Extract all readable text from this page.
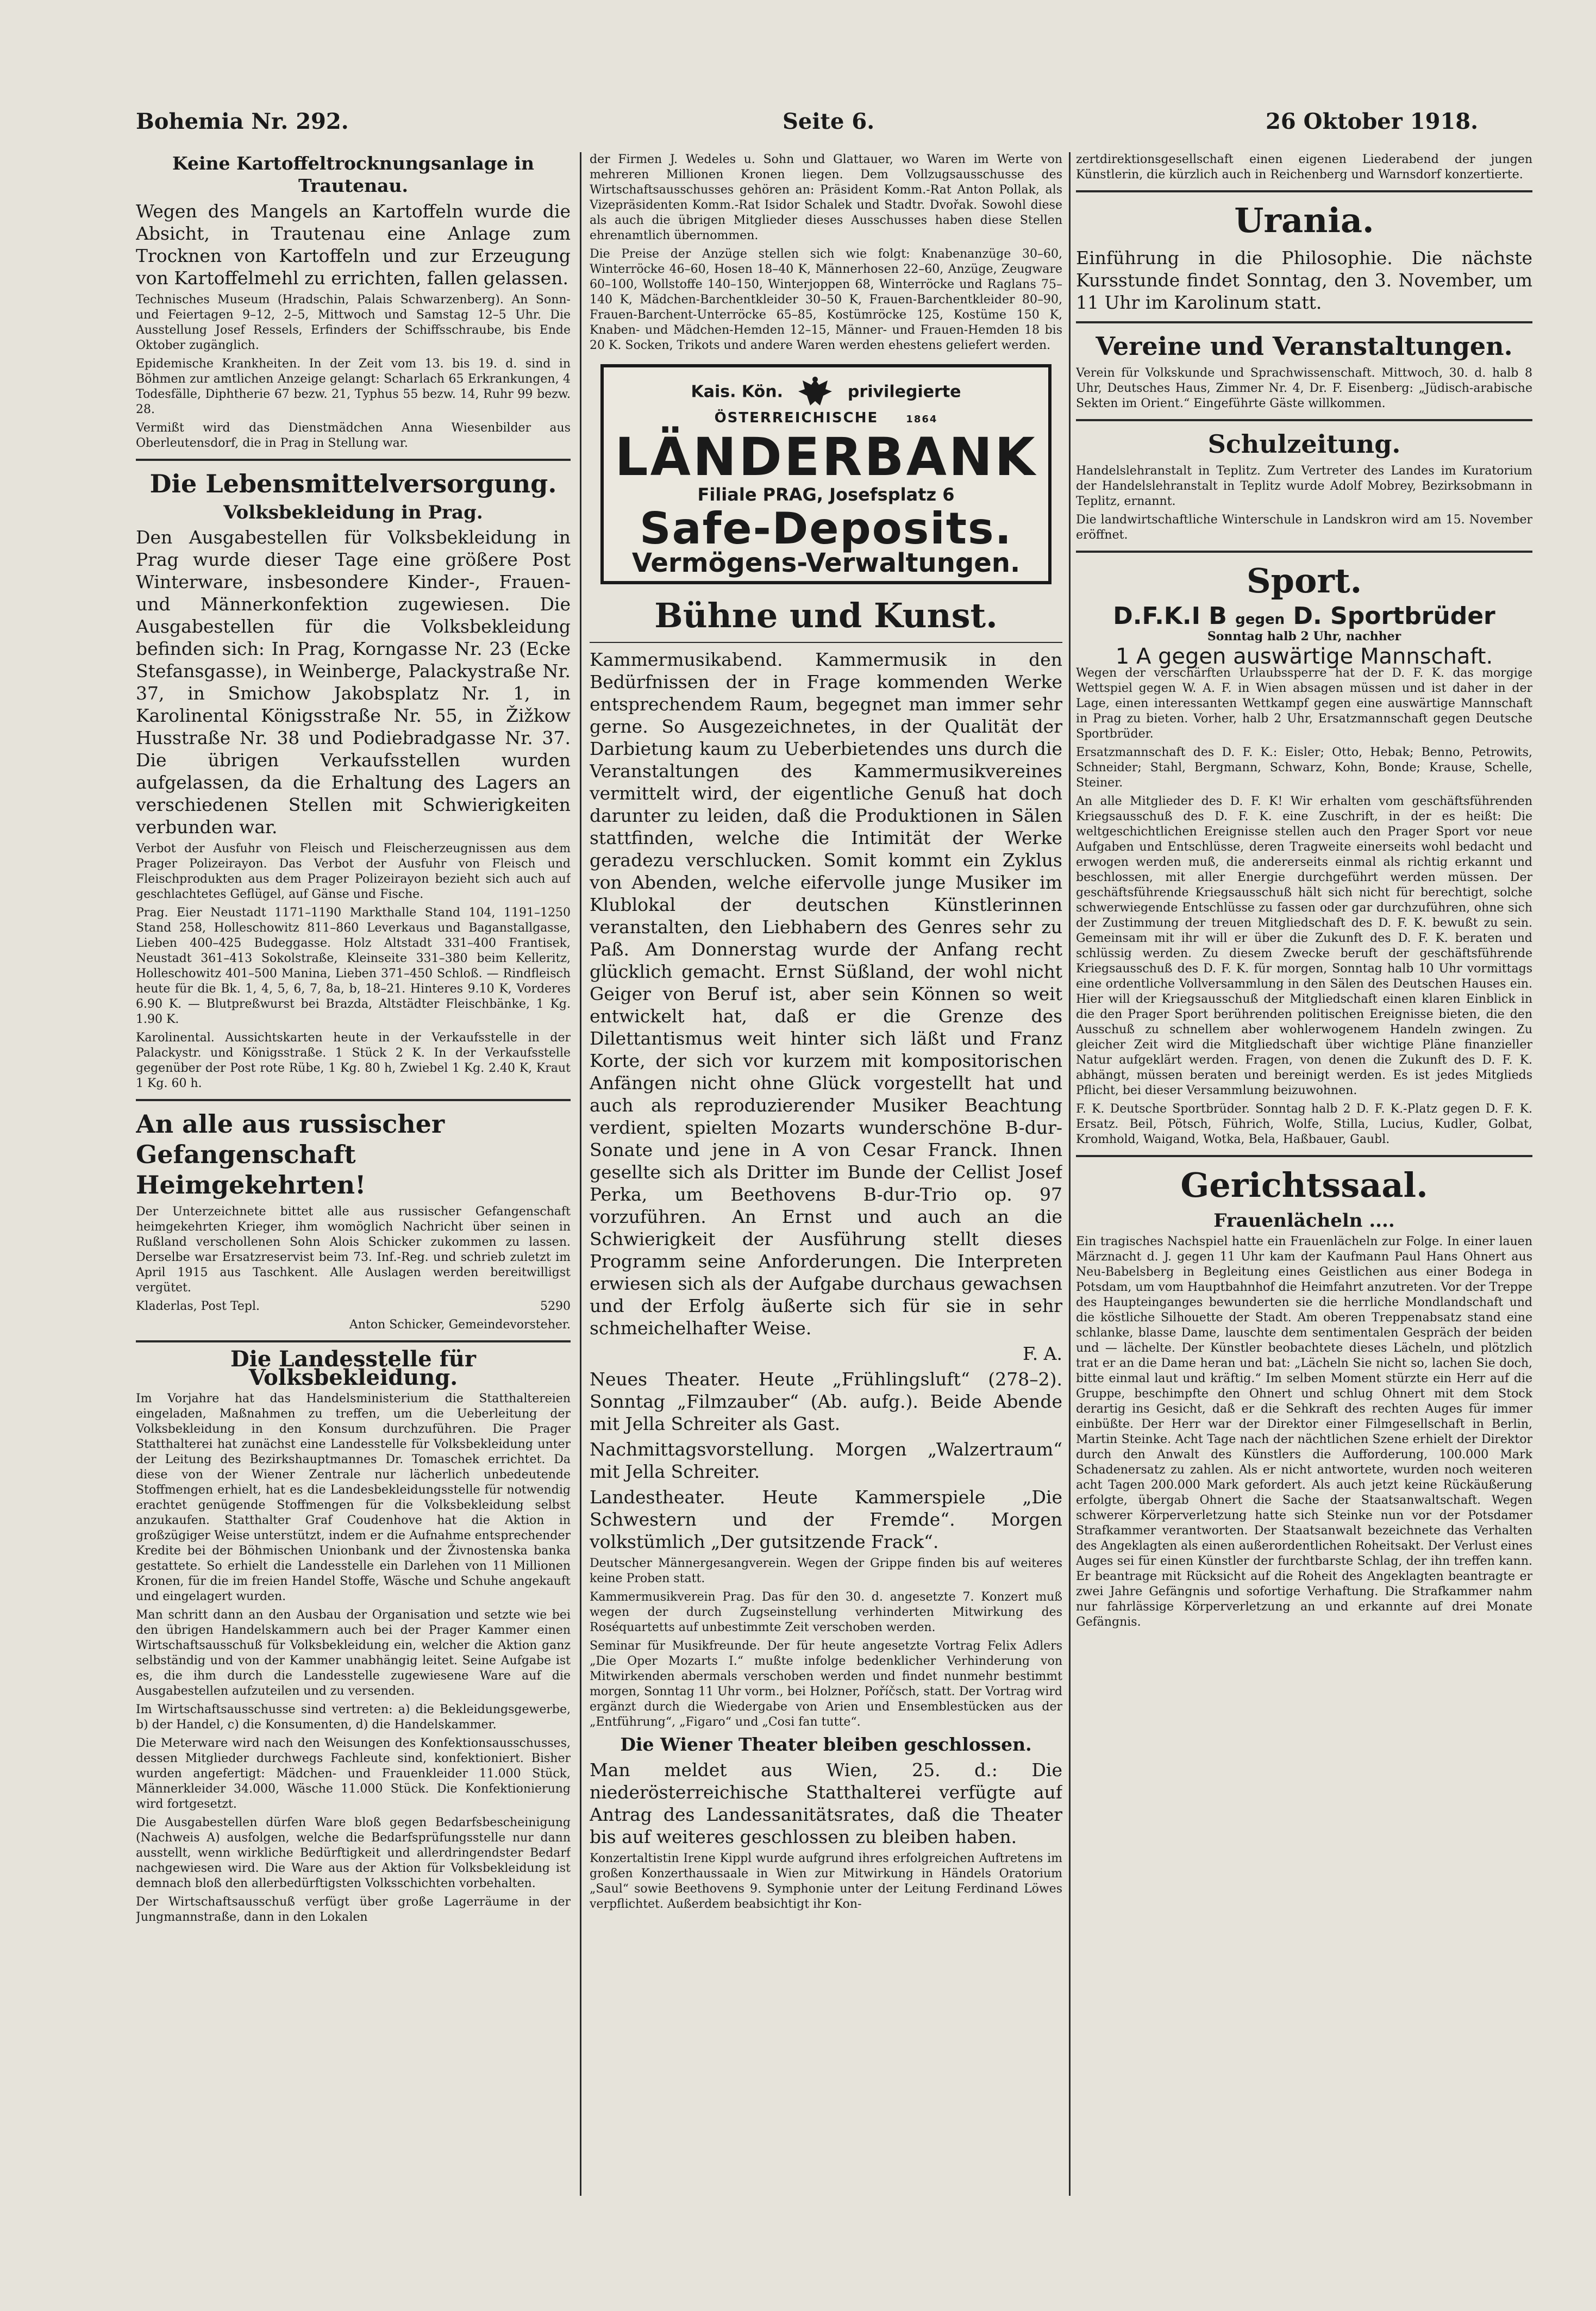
Bohemia Nr. 292.	Seite 6.	26 Oktober 1918.

Keine Kartoffeltrocknungsanlage in Trautenau.

Wegen des Mangels an Kartoffeln wurde die Absicht, in Trautenau eine Anlage zum Trocknen von Kartoffeln und zur Erzeugung von Kartoffelmehl zu errichten, fallen gelassen.

Technisches Museum (Hradschin, Palais Schwarzenberg). An Sonn- und Feiertagen 9–12, 2–5, Mittwoch und Samstag 12–5 Uhr. Die Ausstellung Josef Ressels, Erfinders der Schiffsschraube, bis Ende Oktober zugänglich.

Epidemische Krankheiten. In der Zeit vom 13. bis 19. d. sind in Böhmen zur amtlichen Anzeige gelangt: Scharlach 65 Erkrankungen, 4 Todesfälle, Diphtherie 67 bezw. 21, Typhus 55 bezw. 14, Ruhr 99 bezw. 28.

Vermißt wird das Dienstmädchen Anna Wiesenbilder aus Oberleutensdorf, die in Prag in Stellung war.

Die Lebensmittelversorgung.
Volksbekleidung in Prag.

Den Ausgabestellen für Volksbekleidung in Prag wurde dieser Tage eine größere Post Winterware, insbesondere Kinder-, Frauen- und Männerkonfektion zugewiesen. Die Ausgabestellen für die Volksbekleidung befinden sich: In Prag, Korngasse Nr. 23 (Ecke Stefansgasse), in Weinberge, Palackystraße Nr. 37, in Smichow Jakobsplatz Nr. 1, in Karolinental Königsstraße Nr. 55, in Žižkow Husstraße Nr. 38 und Podiebradgasse Nr. 37. Die übrigen Verkaufsstellen wurden aufgelassen, da die Erhaltung des Lagers an verschiedenen Stellen mit Schwierigkeiten verbunden war.

Verbot der Ausfuhr von Fleisch und Fleischerzeugnissen aus dem Prager Polizeirayon. Das Verbot der Ausfuhr von Fleisch und Fleischprodukten aus dem Prager Polizeirayon bezieht sich auch auf geschlachtetes Geflügel, auf Gänse und Fische.

Prag. Eier Neustadt 1171–1190 Markthalle Stand 104, 1191–1250 Stand 258, Holleschowitz 811–860 Leverkaus und Baganstallgasse, Lieben 400–425 Budeggasse. Holz Altstadt 331–400 Frantisek, Neustadt 361–413 Sokolstraße, Kleinseite 331–380 beim Kelleritz, Holleschowitz 401–500 Manina, Lieben 371–450 Schloß. — Rindfleisch heute für die Bk. 1, 4, 5, 6, 7, 8a, b, 18–21. Hinteres 9.10 K, Vorderes 6.90 K. — Blutpreßwurst bei Brazda, Altstädter Fleischbänke, 1 Kg. 1.90 K.

Karolinental. Aussichtskarten heute in der Verkaufsstelle in der Palackystr. und Königsstraße. 1 Stück 2 K. In der Verkaufsstelle gegenüber der Post rote Rübe, 1 Kg. 80 h, Zwiebel 1 Kg. 2.40 K, Kraut 1 Kg. 60 h.

An alle aus russischer Gefangenschaft Heimgekehrten!

Der Unterzeichnete bittet alle aus russischer Gefangenschaft heimgekehrten Krieger, ihm womöglich Nachricht über seinen in Rußland verschollenen Sohn Alois Schicker zukommen zu lassen. Derselbe war Ersatzreservist beim 73. Inf.-Reg. und schrieb zuletzt im April 1915 aus Taschkent. Alle Auslagen werden bereitwilligst vergütet.

Kladerlas, Post Tepl.	5290

Anton Schicker, Gemeindevorsteher.

Die Landesstelle für Volksbekleidung.

Im Vorjahre hat das Handelsministerium die Statthaltereien eingeladen, Maßnahmen zu treffen, um die Ueberleitung der Volksbekleidung in den Konsum durchzuführen. Die Prager Statthalterei hat zunächst eine Landesstelle für Volksbekleidung unter der Leitung des Bezirkshauptmannes Dr. Tomaschek errichtet. Da diese von der Wiener Zentrale nur lächerlich unbedeutende Stoffmengen erhielt, hat es die Landesbekleidungsstelle für notwendig erachtet genügende Stoffmengen für die Volksbekleidung selbst anzukaufen. Statthalter Graf Coudenhove hat die Aktion in großzügiger Weise unterstützt, indem er die Aufnahme entsprechender Kredite bei der Böhmischen Unionbank und der Živnostenska banka gestattete. So erhielt die Landesstelle ein Darlehen von 11 Millionen Kronen, für die im freien Handel Stoffe, Wäsche und Schuhe angekauft und eingelagert wurden.

Man schritt dann an den Ausbau der Organisation und setzte wie bei den übrigen Handelskammern auch bei der Prager Kammer einen Wirtschaftsausschuß für Volksbekleidung ein, welcher die Aktion ganz selbständig und von der Kammer unabhängig leitet. Seine Aufgabe ist es, die ihm durch die Landesstelle zugewiesene Ware auf die Ausgabestellen aufzuteilen und zu versenden.

Im Wirtschaftsausschusse sind vertreten: a) die Bekleidungsgewerbe, b) der Handel, c) die Konsumenten, d) die Handelskammer.

Die Meterware wird nach den Weisungen des Konfektionsausschusses, dessen Mitglieder durchwegs Fachleute sind, konfektioniert. Bisher wurden angefertigt: Mädchen- und Frauenkleider 11.000 Stück, Männerkleider 34.000, Wäsche 11.000 Stück. Die Konfektionierung wird fortgesetzt.

Die Ausgabestellen dürfen Ware bloß gegen Bedarfsbescheinigung (Nachweis A) ausfolgen, welche die Bedarfsprüfungsstelle nur dann ausstellt, wenn wirkliche Bedürftigkeit und allerdringendster Bedarf nachgewiesen wird. Die Ware aus der Aktion für Volksbekleidung ist demnach bloß den allerbedürftigsten Volksschichten vorbehalten.

Der Wirtschaftsausschuß verfügt über große Lagerräume in der Jungmannstraße, dann in den Lokalen

der Firmen J. Wedeles u. Sohn und Glattauer, wo Waren im Werte von mehreren Millionen Kronen liegen. Dem Vollzugsausschusse des Wirtschaftsausschusses gehören an: Präsident Komm.-Rat Anton Pollak, als Vizepräsidenten Komm.-Rat Isidor Schalek und Stadtr. Dvořak. Sowohl diese als auch die übrigen Mitglieder dieses Ausschusses haben diese Stellen ehrenamtlich übernommen.

Die Preise der Anzüge stellen sich wie folgt: Knabenanzüge 30–60, Winterröcke 46–60, Hosen 18–40 K, Männerhosen 22–60, Anzüge, Zeugware 60–100, Wollstoffe 140–150, Winterjoppen 68, Winterröcke und Raglans 75–140 K, Mädchen-Barchentkleider 30–50 K, Frauen-Barchentkleider 80–90, Frauen-Barchent-Unterröcke 65–85, Kostümröcke 125, Kostüme 150 K, Knaben- und Mädchen-Hemden 12–15, Männer- und Frauen-Hemden 18 bis 20 K. Socken, Trikots und andere Waren werden ehestens geliefert werden.

Kais. Kön.	privilegierte
ÖSTERREICHISCHE	1864
LÄNDERBANK
Filiale PRAG, Josefsplatz 6
Safe-Deposits.
Vermögens-Verwaltungen.
Bühne und Kunst.

Kammermusikabend. Kammermusik in den Bedürfnissen der in Frage kommenden Werke entsprechendem Raum, begegnet man immer sehr gerne. So Ausgezeichnetes, in der Qualität der Darbietung kaum zu Ueberbietendes uns durch die Veranstaltungen des Kammermusikvereines vermittelt wird, der eigentliche Genuß hat doch darunter zu leiden, daß die Produktionen in Sälen stattfinden, welche die Intimität der Werke geradezu verschlucken. Somit kommt ein Zyklus von Abenden, welche eifervolle junge Musiker im Klublokal der deutschen Künstlerinnen veranstalten, den Liebhabern des Genres sehr zu Paß. Am Donnerstag wurde der Anfang recht glücklich gemacht. Ernst Süßland, der wohl nicht Geiger von Beruf ist, aber sein Können so weit entwickelt hat, daß er die Grenze des Dilettantismus weit hinter sich läßt und Franz Korte, der sich vor kurzem mit kompositorischen Anfängen nicht ohne Glück vorgestellt hat und auch als reproduzierender Musiker Beachtung verdient, spielten Mozarts wunderschöne B-dur-Sonate und jene in A von Cesar Franck. Ihnen gesellte sich als Dritter im Bunde der Cellist Josef Perka, um Beethovens B-dur-Trio op. 97 vorzuführen. An Ernst und auch an die Schwierigkeit der Ausführung stellt dieses Programm seine Anforderungen. Die Interpreten erwiesen sich als der Aufgabe durchaus gewachsen und der Erfolg äußerte sich für sie in sehr schmeichelhafter Weise.

F. A.

Neues Theater. Heute „Frühlingsluft“ (278–2). Sonntag „Filmzauber“ (Ab. aufg.). Beide Abende mit Jella Schreiter als Gast.

Nachmittagsvorstellung. Morgen „Walzertraum“ mit Jella Schreiter.

Landestheater. Heute Kammerspiele „Die Schwestern und der Fremde“. Morgen volkstümlich „Der gutsitzende Frack“.

Deutscher Männergesangverein. Wegen der Grippe finden bis auf weiteres keine Proben statt.

Kammermusikverein Prag. Das für den 30. d. angesetzte 7. Konzert muß wegen der durch Zugseinstellung verhinderten Mitwirkung des Roséquartetts auf unbestimmte Zeit verschoben werden.

Seminar für Musikfreunde. Der für heute angesetzte Vortrag Felix Adlers „Die Oper Mozarts I.“ mußte infolge bedenklicher Verhinderung von Mitwirkenden abermals verschoben werden und findet nunmehr bestimmt morgen, Sonntag 11 Uhr vorm., bei Holzner, Poříčsch, statt. Der Vortrag wird ergänzt durch die Wiedergabe von Arien und Ensemblestücken aus der „Entführung“, „Figaro“ und „Cosi fan tutte“.

Die Wiener Theater bleiben geschlossen.

Man meldet aus Wien, 25. d.: Die niederösterreichische Statthalterei verfügte auf Antrag des Landessanitätsrates, daß die Theater bis auf weiteres geschlossen zu bleiben haben.

Konzertaltistin Irene Kippl wurde aufgrund ihres erfolgreichen Auftretens im großen Konzerthaussaale in Wien zur Mitwirkung in Händels Oratorium „Saul“ sowie Beethovens 9. Symphonie unter der Leitung Ferdinand Löwes verpflichtet. Außerdem beabsichtigt ihr Kon-

zertdirektionsgesellschaft einen eigenen Liederabend der jungen Künstlerin, die kürzlich auch in Reichenberg und Warnsdorf konzertierte.

Urania.

Einführung in die Philosophie. Die nächste Kursstunde findet Sonntag, den 3. November, um 11 Uhr im Karolinum statt.

Vereine und Veranstaltungen.

Verein für Volkskunde und Sprachwissenschaft. Mittwoch, 30. d. halb 8 Uhr, Deutsches Haus, Zimmer Nr. 4, Dr. F. Eisenberg: „Jüdisch-arabische Sekten im Orient.“ Eingeführte Gäste willkommen.

Schulzeitung.

Handelslehranstalt in Teplitz. Zum Vertreter des Landes im Kuratorium der Handelslehranstalt in Teplitz wurde Adolf Mobrey, Bezirksobmann in Teplitz, ernannt.

Die landwirtschaftliche Winterschule in Landskron wird am 15. November eröffnet.

Sport.
D.F.K.I B gegen D. Sportbrüder

Sonntag halb 2 Uhr, nachher

1 A gegen auswärtige Mannschaft.

Wegen der verschärften Urlaubssperre hat der D. F. K. das morgige Wettspiel gegen W. A. F. in Wien absagen müssen und ist daher in der Lage, einen interessanten Wettkampf gegen eine auswärtige Mannschaft in Prag zu bieten. Vorher, halb 2 Uhr, Ersatzmannschaft gegen Deutsche Sportbrüder.

Ersatzmannschaft des D. F. K.: Eisler; Otto, Hebak; Benno, Petrowits, Schneider; Stahl, Bergmann, Schwarz, Kohn, Bonde; Krause, Schelle, Steiner.

An alle Mitglieder des D. F. K! Wir erhalten vom geschäftsführenden Kriegsausschuß des D. F. K. eine Zuschrift, in der es heißt: Die weltgeschichtlichen Ereignisse stellen auch den Prager Sport vor neue Aufgaben und Entschlüsse, deren Tragweite einerseits wohl bedacht und erwogen werden muß, die andererseits einmal als richtig erkannt und beschlossen, mit aller Energie durchgeführt werden müssen. Der geschäftsführende Kriegsausschuß hält sich nicht für berechtigt, solche schwerwiegende Entschlüsse zu fassen oder gar durchzuführen, ohne sich der Zustimmung der treuen Mitgliedschaft des D. F. K. bewußt zu sein. Gemeinsam mit ihr will er über die Zukunft des D. F. K. beraten und schlüssig werden. Zu diesem Zwecke beruft der geschäftsführende Kriegsausschuß des D. F. K. für morgen, Sonntag halb 10 Uhr vormittags eine ordentliche Vollversammlung in den Sälen des Deutschen Hauses ein. Hier will der Kriegsausschuß der Mitgliedschaft einen klaren Einblick in die den Prager Sport berührenden politischen Ereignisse bieten, die den Ausschuß zu schnellem aber wohlerwogenem Handeln zwingen. Zu gleicher Zeit wird die Mitgliedschaft über wichtige Pläne finanzieller Natur aufgeklärt werden. Fragen, von denen die Zukunft des D. F. K. abhängt, müssen beraten und bereinigt werden. Es ist jedes Mitglieds Pflicht, bei dieser Versammlung beizuwohnen.

F. K. Deutsche Sportbrüder. Sonntag halb 2 D. F. K.-Platz gegen D. F. K. Ersatz. Beil, Pötsch, Führich, Wolfe, Stilla, Lucius, Kudler, Golbat, Kromhold, Waigand, Wotka, Bela, Haßbauer, Gaubl.

Gerichtssaal.
Frauenlächeln ....

Ein tragisches Nachspiel hatte ein Frauenlächeln zur Folge. In einer lauen Märznacht d. J. gegen 11 Uhr kam der Kaufmann Paul Hans Ohnert aus Neu-Babelsberg in Begleitung eines Geistlichen aus einer Bodega in Potsdam, um vom Hauptbahnhof die Heimfahrt anzutreten. Vor der Treppe des Haupteinganges bewunderten sie die herrliche Mondlandschaft und die köstliche Silhouette der Stadt. Am oberen Treppenabsatz stand eine schlanke, blasse Dame, lauschte dem sentimentalen Gespräch der beiden und — lächelte. Der Künstler beobachtete dieses Lächeln, und plötzlich trat er an die Dame heran und bat: „Lächeln Sie nicht so, lachen Sie doch, bitte einmal laut und kräftig.“ Im selben Moment stürzte ein Herr auf die Gruppe, beschimpfte den Ohnert und schlug Ohnert mit dem Stock derartig ins Gesicht, daß er die Sehkraft des rechten Auges für immer einbüßte. Der Herr war der Direktor einer Filmgesellschaft in Berlin, Martin Steinke. Acht Tage nach der nächtlichen Szene erhielt der Direktor durch den Anwalt des Künstlers die Aufforderung, 100.000 Mark Schadenersatz zu zahlen. Als er nicht antwortete, wurden noch weiteren acht Tagen 200.000 Mark gefordert. Als auch jetzt keine Rückäußerung erfolgte, übergab Ohnert die Sache der Staatsanwaltschaft. Wegen schwerer Körperverletzung hatte sich Steinke nun vor der Potsdamer Strafkammer verantworten. Der Staatsanwalt bezeichnete das Verhalten des Angeklagten als einen außerordentlichen Roheitsakt. Der Verlust eines Auges sei für einen Künstler der furchtbarste Schlag, der ihn treffen kann. Er beantrage mit Rücksicht auf die Roheit des Angeklagten beantragte er zwei Jahre Gefängnis und sofortige Verhaftung. Die Strafkammer nahm nur fahrlässige Körperverletzung an und erkannte auf drei Monate Gefängnis.
